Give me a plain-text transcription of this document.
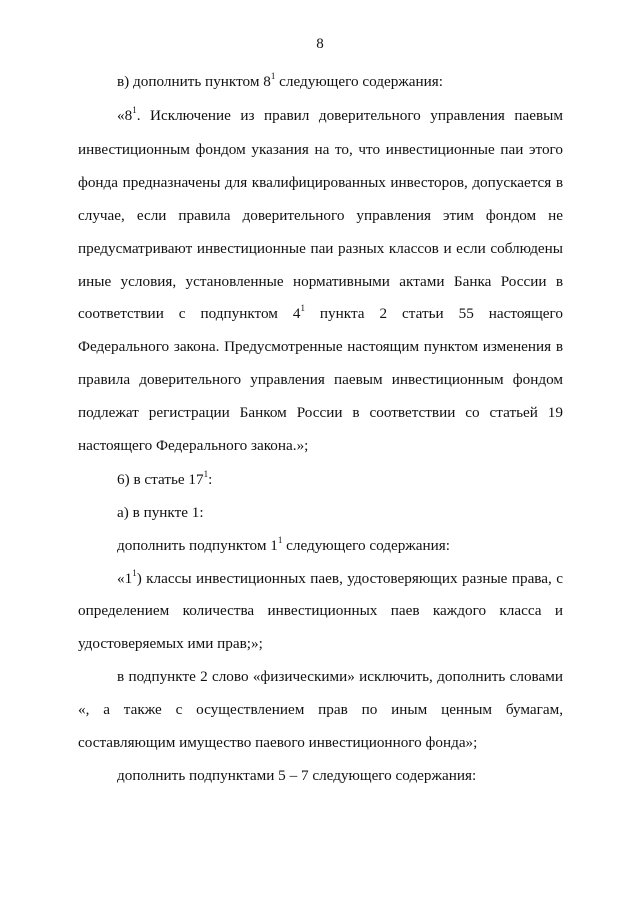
8
в) дополнить пунктом $8^1$ следующего содержания:
«$8^1$. Исключение из правил доверительного управления паевым
инвестиционным фондом указания на то, что инвестиционные паи этого
фонда предназначены для квалифицированных инвесторов, допускается в
случае, если правила доверительного управления этим фондом не
предусматривают инвестиционные паи разных классов и если соблюдены
иные условия, установленные нормативными актами Банка России в
соответствии с подпунктом $4^1$ пункта 2 статьи 55 настоящего
Федерального закона. Предусмотренные настоящим пунктом изменения в
правила доверительного управления паевым инвестиционным фондом
подлежат регистрации Банком России в соответствии со статьей 19
настоящего Федерального закона.»;
6) в статье $17^1$:
а) в пункте 1:
дополнить подпунктом $1^1$ следующего содержания:
«$1^1$) классы инвестиционных паев, удостоверяющих разные права, с
определением количества инвестиционных паев каждого класса и
удостоверяемых ими прав;»;
в подпункте 2 слово «физическими» исключить, дополнить словами
«, а также с осуществлением прав по иным ценным бумагам,
составляющим имущество паевого инвестиционного фонда»;
дополнить подпунктами 5 – 7 следующего содержания:
